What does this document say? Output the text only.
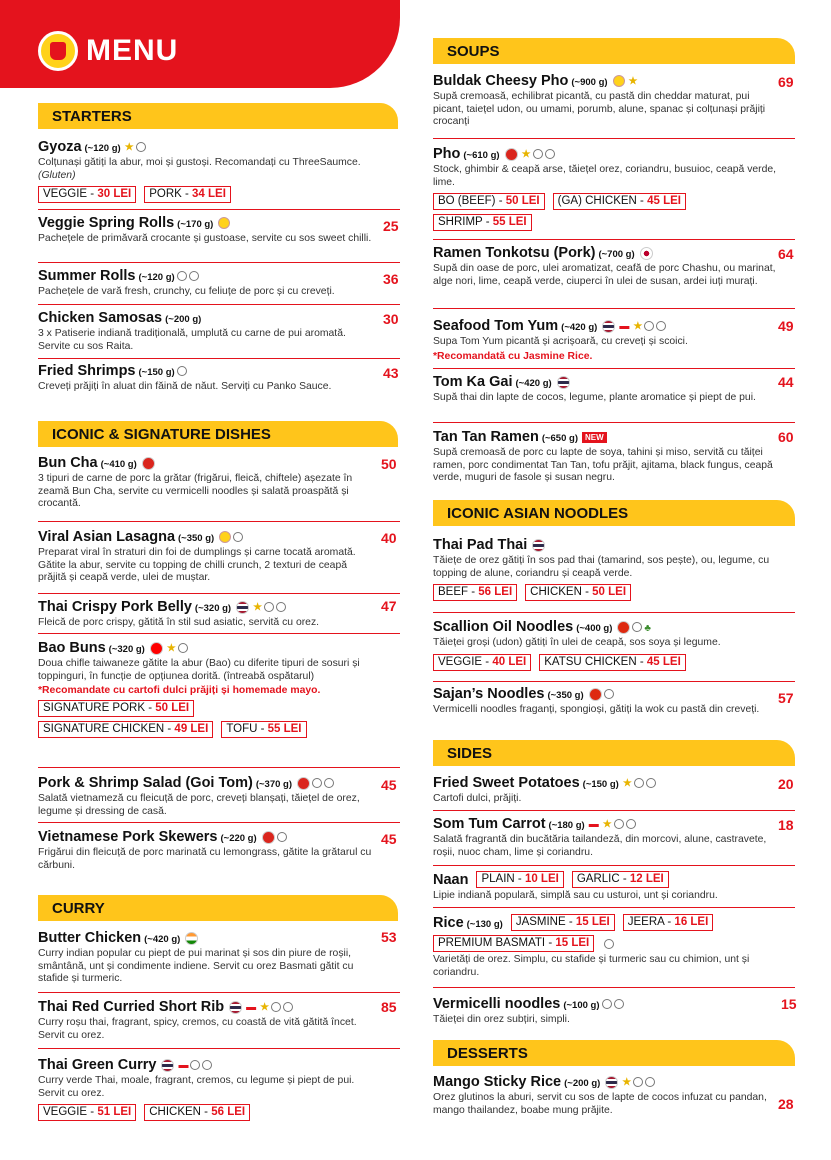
MENU
STARTERS
Gyoza (~120 g) ★
Colțunași gătiți la abur, moi și gustoși. Recomandați cu ThreeSaumce. (Gluten)
VEGGIE - 30 LEI	PORK - 34 LEI
Veggie Spring Rolls (~170 g)
Pachețele de primăvară crocante și gustoase, servite cu sos sweet chilli.
25
Summer Rolls (~120 g)
Pachețele de vară fresh, crunchy, cu feliuțe de porc și cu creveți.
36
Chicken Samosas (~200 g)
3 x Patiserie indiană tradițională, umplută cu carne de pui aromată. Servite cu sos Raita.
30
Fried Shrimps (~150 g)
Creveți prăjiți în aluat din făină de năut. Serviți cu Panko Sauce.
43
ICONIC & SIGNATURE DISHES
Bun Cha (~410 g)
3 tipuri de carne de porc la grătar (frigărui, fleică, chiftele) așezate în zeamă Bun Cha, servite cu vermicelli noodles și salată proaspătă și crocantă.
50
Viral Asian Lasagna (~350 g)
Preparat viral în straturi din foi de dumplings și carne tocată aromată. Gătite la abur, servite cu topping de chilli crunch, 2 texturi de ceapă prăjită și ceapă verde, ulei de muștar.
40
Thai Crispy Pork Belly (~320 g) ★
Fleică de porc crispy, gătită în stil sud asiatic, servită cu orez.
47
Bao Buns (~320 g) ★
Doua chifle taiwaneze gătite la abur (Bao) cu diferite tipuri de sosuri și toppinguri, în funcție de opțiunea dorită. (întreabă ospătarul)
*Recomandate cu cartofi dulci prăjiți și homemade mayo.
SIGNATURE PORK - 50 LEI
SIGNATURE CHICKEN - 49 LEI	TOFU - 55 LEI
Pork & Shrimp Salad (Goi Tom) (~370 g)
Salată vietnameză cu fleicuță de porc, creveți blanșați, tăiețel de orez, legume și dressing de casă.
45
Vietnamese Pork Skewers (~220 g)
Frigărui din fleicuță de porc marinată cu lemongrass, gătite la grătarul cu cărbuni.
45
CURRY
Butter Chicken (~420 g)
Curry indian popular cu piept de pui marinat și sos din piure de roșii, smântână, unt și condimente indiene. Servit cu orez Basmati gătit cu stafide și turmeric.
53
Thai Red Curried Short Rib ▬ ★
Curry roșu thai, fragrant, spicy, cremos, cu coastă de vită gătită încet. Servit cu orez.
85
Thai Green Curry ▬
Curry verde Thai, moale, fragrant, cremos, cu legume și piept de pui. Servit cu orez.
VEGGIE - 51 LEI	CHICKEN - 56 LEI
SOUPS
Buldak Cheesy Pho (~900 g) ★
Supă cremoasă, echilibrat picantă, cu pastă din cheddar maturat, pui picant, taiețel udon, ou umami, porumb, alune, spanac și colțunași prăjiți crocanți
69
Pho (~610 g) ★
Stock, ghimbir & ceapă arse, tăiețel orez, coriandru, busuioc, ceapă verde, lime.
BO (BEEF) - 50 LEI	(GA) CHICKEN - 45 LEI
SHRIMP - 55 LEI
Ramen Tonkotsu (Pork) (~700 g)
Supă din oase de porc, ulei aromatizat, ceafă de porc Chashu, ou marinat, alge nori, lime, ceapă verde, ciuperci în ulei de susan, ardei iuți murați.
64
Seafood Tom Yum (~420 g) ▬ ★
Supa Tom Yum picantă și acrișoară, cu creveți și scoici.
*Recomandată cu Jasmine Rice.
49
Tom Ka Gai (~420 g)
Supă thai din lapte de cocos, legume, plante aromatice și piept de pui.
44
Tan Tan Ramen (~650 g) NEW
Supă cremoasă de porc cu lapte de soya, tahini și miso, servită cu tăiței ramen, porc condimentat Tan Tan, tofu prăjit, ajitama, black fungus, ceapă verde, muguri de fasole și susan negru.
60
ICONIC ASIAN NOODLES
Thai Pad Thai
Tăiețe de orez gătiți în sos pad thai (tamarind, sos pește), ou, legume, cu topping de alune, coriandru și ceapă verde.
BEEF - 56 LEI	CHICKEN - 50 LEI
Scallion Oil Noodles (~400 g)	♣
Tăiețeі groși (udon) gătiți în uleі de ceapă, sos soya și legume.
VEGGIE - 40 LEI	KATSU CHICKEN - 45 LEI
Sajan’s Noodles (~350 g)
Vermicelli noodles fraganți, spongioși, gătiți la wok cu pastă din creveți.
57
SIDES
Fried Sweet Potatoes (~150 g) ★
Cartofi dulci, prăjiți.
20
Som Tum Carrot (~180 g) ▬ ★
Salată fragrantă din bucătăria tailandeză, din morcovi, alune, castravete, roșii, nuoc cham, lime și coriandru.
18
Naan	PLAIN - 10 LEI	GARLIC - 12 LEI
Lipie indiană populară, simplă sau cu usturoi, unt și coriandru.
Rice (~130 g)	JASMINE - 15 LEI	JEERA - 16 LEI
PREMIUM BASMATI - 15 LEI
Varietăți de orez. Simplu, cu stafide și turmeric sau cu chimion, unt și coriandru.
Vermicelli noodles (~100 g)
Tăiețeі din orez subțiri, simpli.
15
DESSERTS
Mango Sticky Rice (~200 g) ★
Orez glutinos la aburi, servit cu sos de lapte de cocos infuzat cu pandan, mango thailandez, boabe mung prăjite.	28
